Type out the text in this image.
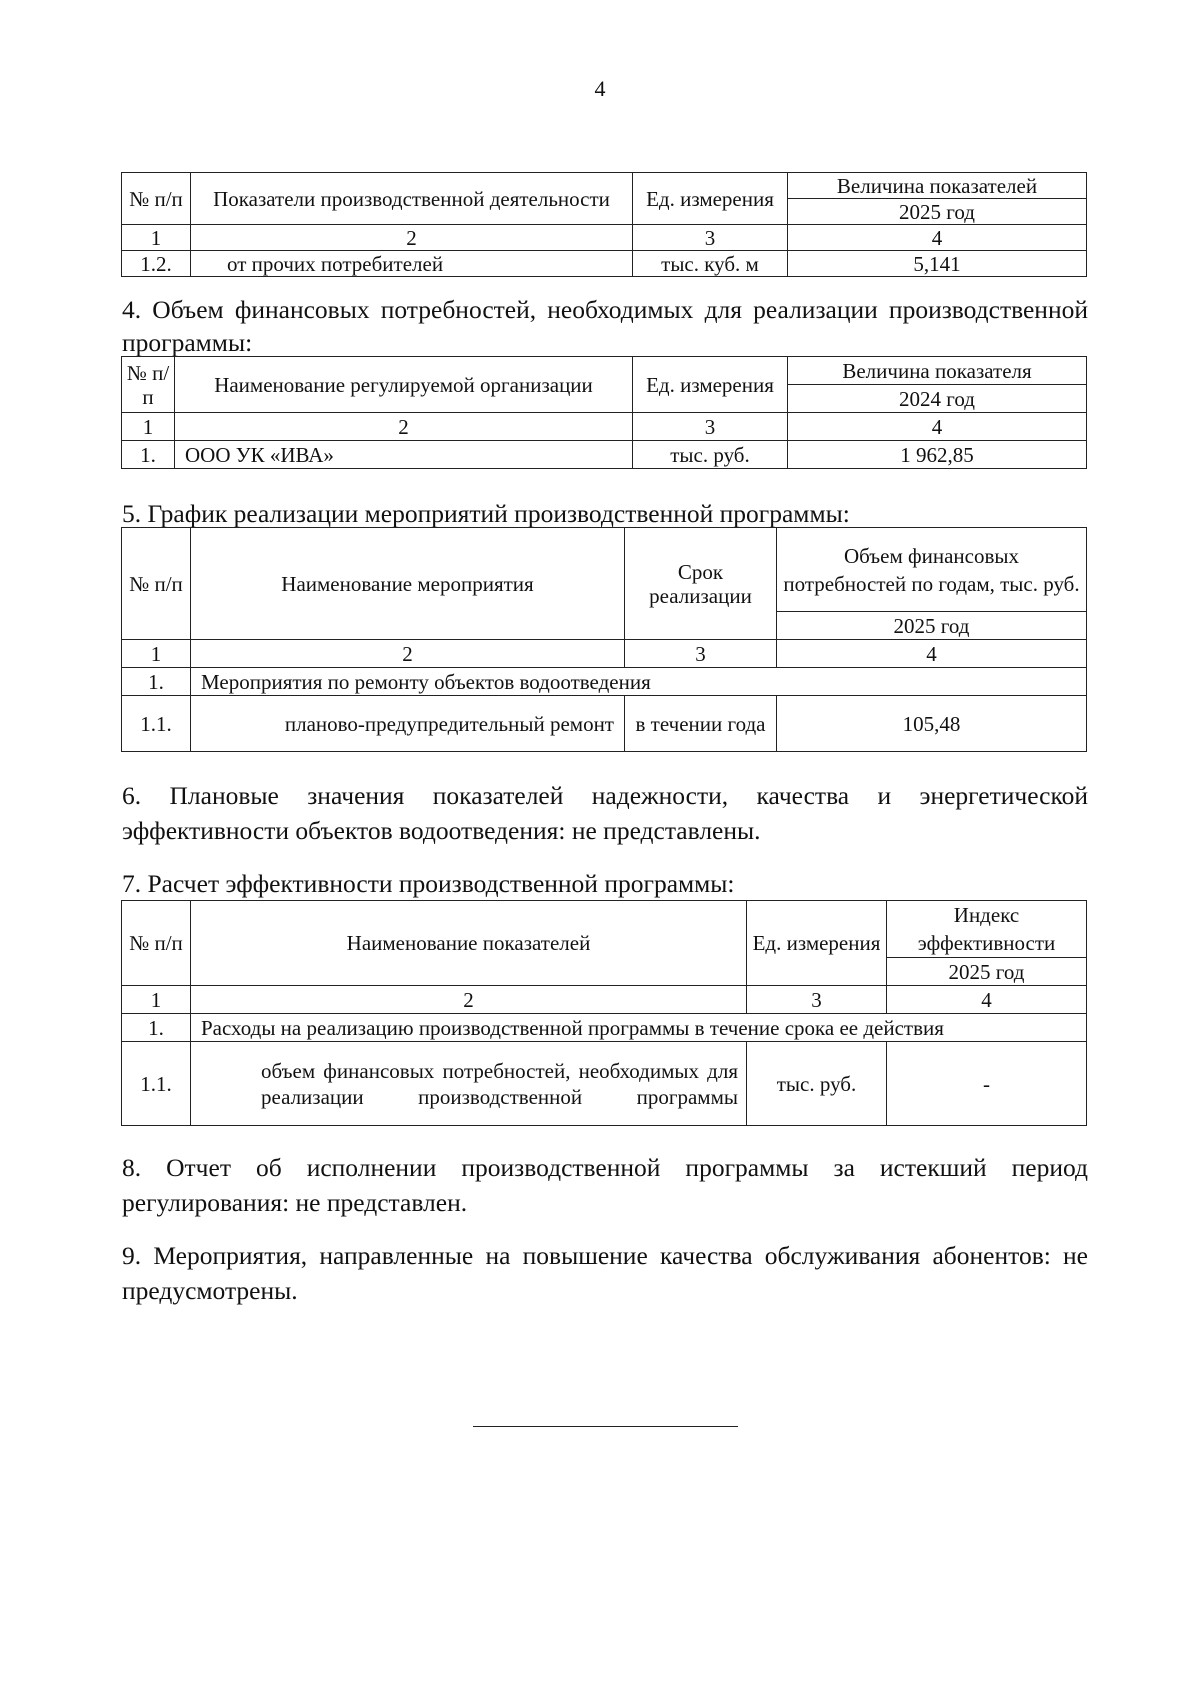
4
№ п/п	Показатели производственной деятельности	Ед. измерения	Величина показателей
			2025 год
1	2	3	4
1.2.	от прочих потребителей	тыс. куб. м	5,141

4. Объем финансовых потребностей, необходимых для реализации производственной программы:

№ п/п	Наименование регулируемой организации	Ед. измерения	Величина показателя
			2024 год
1	2	3	4
1.	ООО УК «ИВА»	тыс. руб.	1 962,85
5. График реализации мероприятий производственной программы:
№ п/п	Наименование мероприятия	Срок реализации	Объем финансовых потребностей по годам, тыс. руб.
			2025 год
1	2	3	4
1.	Мероприятия по ремонту объектов водоотведения		
1.1.	планово-предупредительный ремонт	в течении года	105,48

6. Плановые значения показателей надежности, качества и энергетической эффективности объектов водоотведения: не представлены.

7. Расчет эффективности производственной программы:
№ п/п	Наименование показателей	Ед. измерения	Индекс эффективности
			2025 год
1	2	3	4
1.	Расходы на реализацию производственной программы в течение срока ее действия		
1.1.	объем финансовых потребностей, необходимых для реализации производственной программы	тыс. руб.	-

8. Отчет об исполнении производственной программы за истекший период регулирования: не представлен.

9. Мероприятия, направленные на повышение качества обслуживания абонентов: не предусмотрены.
